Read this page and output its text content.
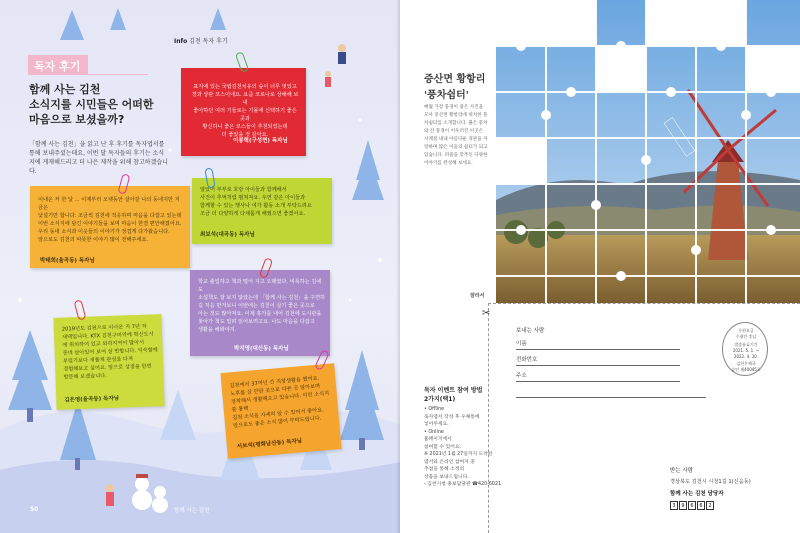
Info 김천 독자 후기
독자 후기
함께 사는 김천
소식지를 시민들은 어떠한
마음으로 보셨을까?
「함께 사는 김천」을 읽고 난 후 후기를 독자엽서를 통해 보내주셨는데요, 이번 달 독자들의 후기는 소식지에 게재해드리고 더 나은 제작을 위해 참고하겠습니다.
표지에 있는 국립김천치유의 숲이 너무 멋있고
경과 상관 코스이네요. 요즘 코로나로 상해해 보내
좋아하던 여러 기들로는 기몰에 신택하기 좋은 곳과
황신하니 좋은 코스들이 추천되었는데
더 좋았을 것 같아요.
이봉혁(구성면) 독자님
이내온 저 한 달 ... 이제부터 오랫동안 살아갈 나의 동네지만 지금은
낯설기만 합니다. 조금씩 김천에 적응하며 마음을 다잡고 있는데
이번 소식지에 담긴 이야기들을 보며 마음이 한결 편안해졌어요.
우리 동네 소식과 이웃들의 이야기가 정겹게 다가왔습니다.
앞으로도 김천의 따뜻한 이야기 많이 전해주세요.
박태희(율곡동) 독자님
알았어 부부로 호랑 아이들과 함께해서
사진이 추억처럼 펼쳐져요. 우연 같은 아이들과
함께할 수 있는 행사나 여가 활동 소개 부탁드려요
조금 더 다양하게 다채롭게 해줬으면 좋겠어요.
최보석(대곡동) 독자님
학교 졸업하고 책과 멀어 지고 오래였다. 비록하는 김에도
소설책도 잘 보지 않았는데 「함께 사는 김천」을 구면하
길 처음 반겨보니 이번에는 김천이 살기 좋은 곳으로
아는 것도 많아져요. 이제 휴가를 내어 김천에 도시관을
찾아가 책도 빌려 읽어보려고요. 나도 마음을 다잡고
생활을 해봐야지.
박지영(대신동) 독자님
2019년도 김천으로 이사온 지 7년 차
새댁입니다. KTX 김천구미역에 혁신도시
에 위치하여 있고 외곽지역이 많아서
동네 살아있어 보여 살 만합니다. 익숙함에
부럽기보다 새롭게 관심을 다져
경험해보고 싶어요. 앞으로 상점을 한번
방문해 보겠습니다.
김은영(율곡동) 독자님
김천에서 37여년 간 직장생활을 했어요.
노후를 살 만한 곳으로 다른 곳 알아보며
정착해서 생활해오고 있습니다. 이런 소식지를 통해
김천 소식을 자세히 알 수 있어서 좋아요.
앞으로도 좋은 소식 많이 부탁드립니다.
서보석(평화남산동) 독자님
50	함께 사는 김천
증산면 황항리
'풍차쉼터'
매월 가장 풍경이 좋은 사진을 모아 증산면 황항리에 위치한 풍차쉼터를 소개합니다. 붉은 풍차와 산 풍경이 어우러진 이곳은 사계절 내내 아름다운 경관을 자랑하며 많은 이들의 쉼터가 되고 있습니다. 퍼즐을 맞추듯 다양한 이야기를 완성해 보세요.
잘라서
✂
보내는 사람
이름
전화번호
주소
우편요금
수취인 후납
발송유효기간
2021. 5. 1. ~
2022. 4. 30.
김천우체국
승인 제40045호
독자 이벤트 참여 방법
2가지(택1)
• Offline
독자엽서 작성 후 우체통에
넣어주세요.
• Online
홈페이지에서
참여할 수 있어요.
※ 2021년 1월 27일까지 도착한
엽서와 온라인 참여자 중
추첨을 통해 소정의
상품을 보내드립니다.
- 김천시청 홍보담당관 ☎420-6021
받는 사람
경상북도 김천시 시청1길 1(신음동)
함께 사는 김천 담당자
3	9	6	6	2
